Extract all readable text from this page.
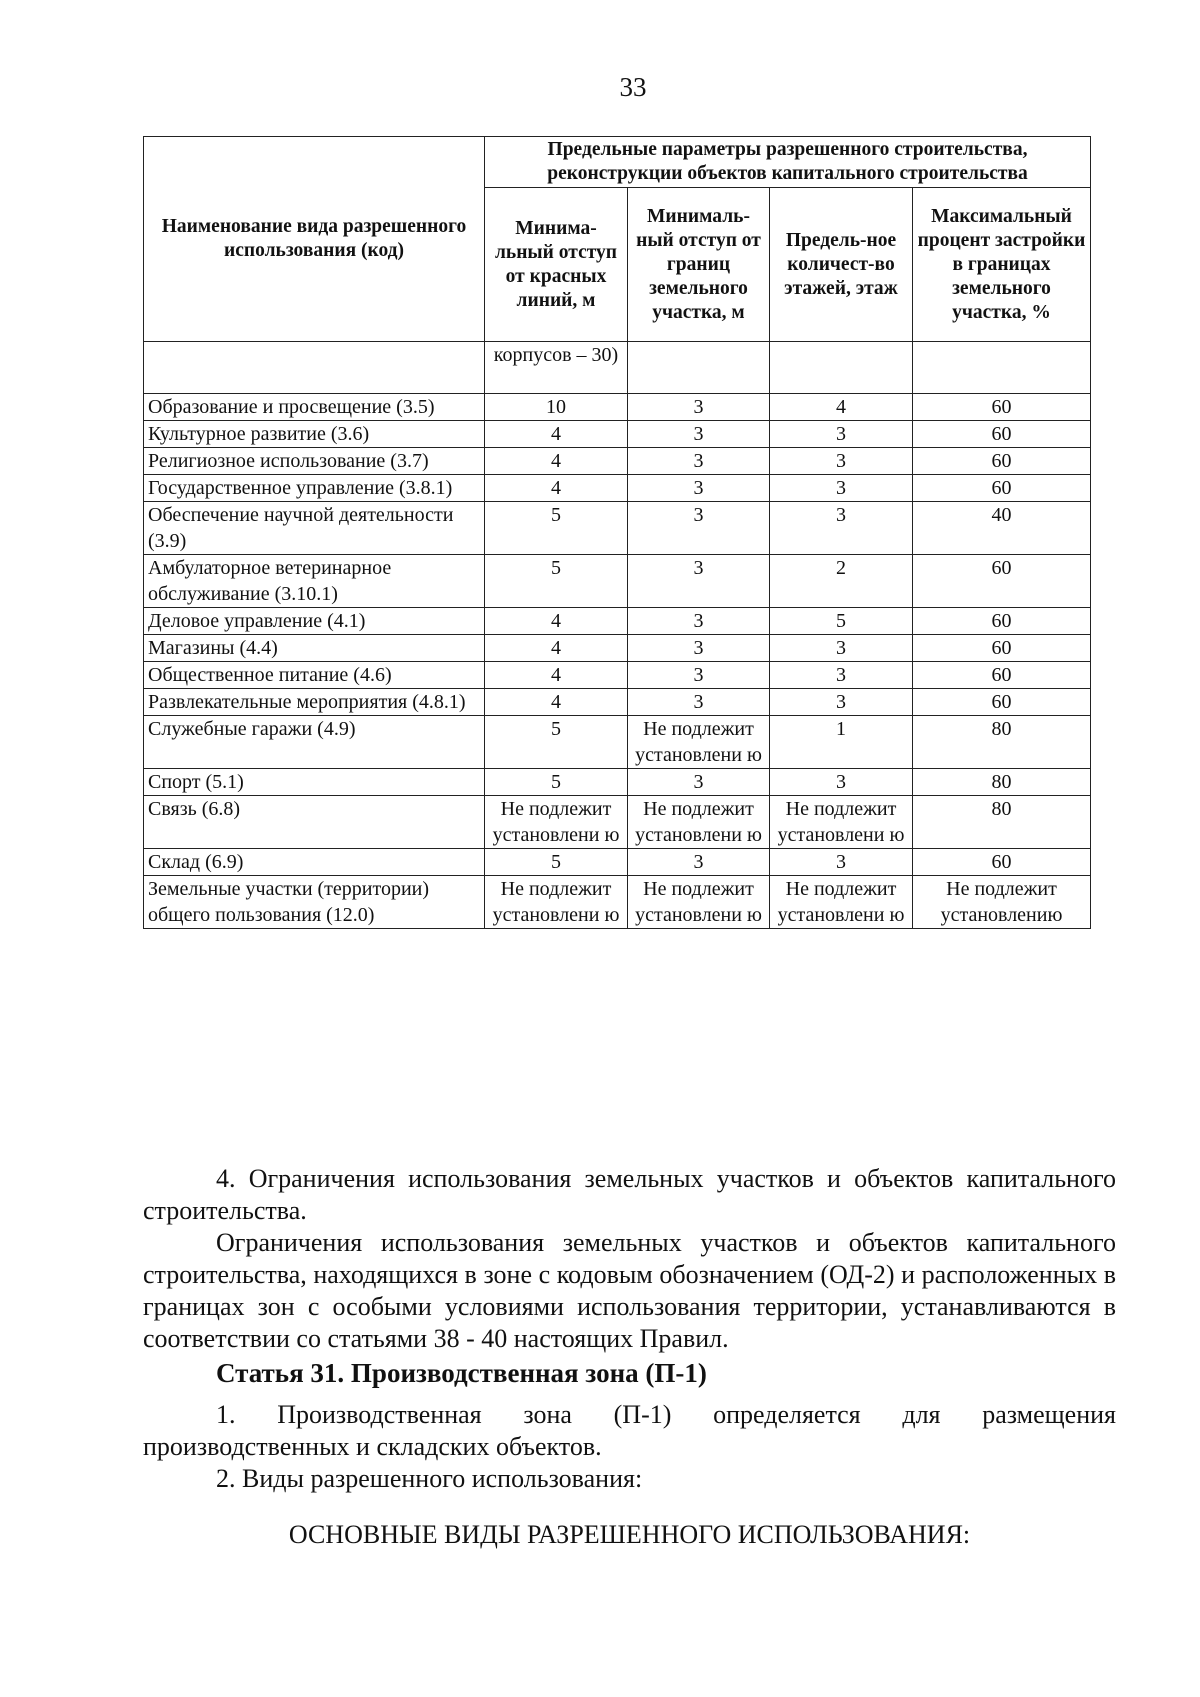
33
Наименование вида разрешенного использования (код)	Предельные параметры разрешенного строительства, реконструкции объектов капитального строительства			
	Минима-льный отступ от красных линий, м	Минималь-ный отступ от границ земельного участка, м	Предель-ное количест-во этажей, этаж	Максимальный процент застройки в границах земельного участка, %
	корпусов – 30)			
Образование и просвещение (3.5)	10	3	4	60
Культурное развитие (3.6)	4	3	3	60
Религиозное использование (3.7)	4	3	3	60
Государственное управление (3.8.1)	4	3	3	60
Обеспечение научной деятельности (3.9)	5	3	3	40
Амбулаторное ветеринарное обслуживание (3.10.1)	5	3	2	60
Деловое управление (4.1)	4	3	5	60
Магазины (4.4)	4	3	3	60
Общественное питание (4.6)	4	3	3	60
Развлекательные мероприятия (4.8.1)	4	3	3	60
Служебные гаражи (4.9)	5	Не подлежит установлени ю	1	80
Спорт (5.1)	5	3	3	80
Связь (6.8)	Не подлежит установлени ю	Не подлежит установлени ю	Не подлежит установлени ю	80
Склад (6.9)	5	3	3	60
Земельные участки (территории) общего пользования (12.0)	Не подлежит установлени ю	Не подлежит установлени ю	Не подлежит установлени ю	Не подлежит установлению

4. Ограничения использования земельных участков и объектов капитального строительства.

Ограничения использования земельных участков и объектов капитального строительства, находящихся в зоне с кодовым обозначением (ОД-2) и расположенных в границах зон с особыми условиями использования территории, устанавливаются в соответствии со статьями 38 - 40 настоящих Правил.

Статья 31. Производственная зона (П-1)

1. Производственная зона (П-1) определяется для размещения производственных и складских объектов.

2. Виды разрешенного использования:

ОСНОВНЫЕ ВИДЫ РАЗРЕШЕННОГО ИСПОЛЬЗОВАНИЯ:
